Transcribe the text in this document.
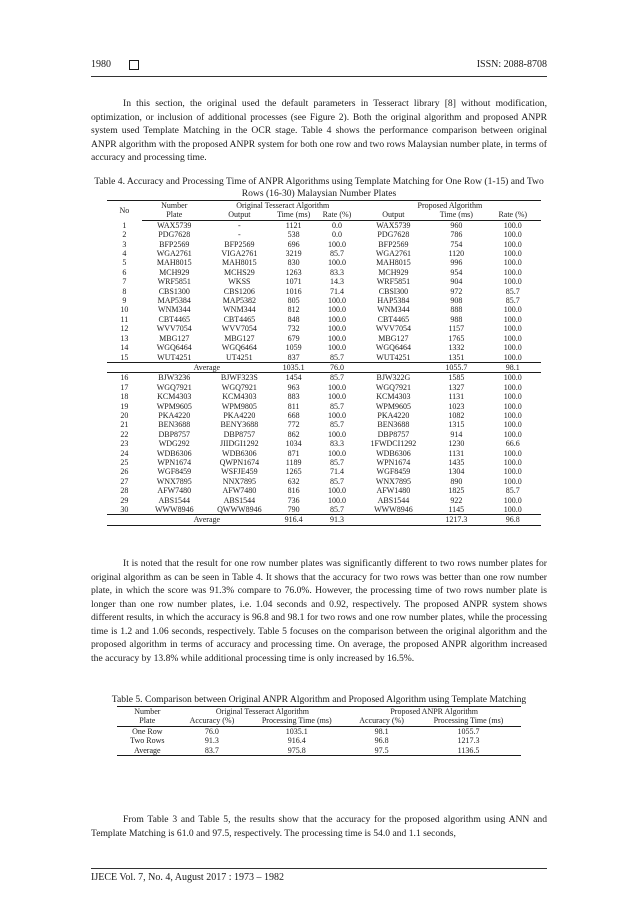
1980	ISSN: 2088-8708

In this section, the original used the default parameters in Tesseract library [8] without modification, optimization, or inclusion of additional processes (see Figure 2). Both the original algorithm and proposed ANPR system used Template Matching in the OCR stage. Table 4 shows the performance comparison between original ANPR algorithm with the proposed ANPR system for both one row and two rows Malaysian number plate, in terms of accuracy and processing time.

Table 4. Accuracy and Processing Time of ANPR Algorithms using Template Matching for One Row (1-15) and Two Rows (16-30) Malaysian Number Plates
No	Number	Original Tesseract Algorithm			Proposed Algorithm		
	Plate	Output	Time (ms)	Rate (%)	Output	Time (ms)	Rate (%)
1	WAX5739	-	1121	0.0	WAX5739	960	100.0
2	PDG7628	-	538	0.0	PDG7628	786	100.0
3	BFP2569	BFP2569	696	100.0	BFP2569	754	100.0
4	WGA2761	VIGA2761	3219	85.7	WGA2761	1120	100.0
5	MAH8015	MAH8015	830	100.0	MAH8015	996	100.0
6	MCH929	MCHS29	1263	83.3	MCH929	954	100.0
7	WRF5851	WKSS	1071	14.3	WRF5851	904	100.0
8	CBS1300	CBS1206	1016	71.4	CBSl300	972	85.7
9	MAP5384	MAP5382	805	100.0	HAP5384	908	85.7
10	WNM344	WNM344	812	100.0	WNM344	888	100.0
11	CBT4465	CBT4465	848	100.0	CBT4465	988	100.0
12	WVV7054	WVV7054	732	100.0	WVV7054	1157	100.0
13	MBG127	MBG127	679	100.0	MBG127	1765	100.0
14	WGQ6464	WGQ6464	1059	100.0	WGQ6464	1332	100.0
15	WUT4251	UT4251	837	85.7	WUT4251	1351	100.0
	Average		1035.1	76.0		1055.7	98.1
16	BJW3236	BJWF323S	1454	85.7	BJW322G	1585	100.0
17	WGQ7921	WGQ7921	963	100.0	WGQ7921	1327	100.0
18	KCM4303	KCM4303	883	100.0	KCM4303	1131	100.0
19	WPM9605	WPM9805	811	85.7	WPM9605	1023	100.0
20	PKA4220	PKA4220	668	100.0	PKA4220	1082	100.0
21	BEN3688	BENY3688	772	85.7	BEN3688	1315	100.0
22	DBP8757	DBP8757	862	100.0	DBP8757	914	100.0
23	WDG292	JIIDGI1292	1034	83.3	1FWDCI1292	1230	66.6
24	WDB6306	WDB6306	871	100.0	WDB6306	1131	100.0
25	WPN1674	QWPN1674	1189	85.7	WPN1674	1435	100.0
26	WGF8459	WSFJE459	1265	71.4	WGF8459	1304	100.0
27	WNX7895	NNX7895	632	85.7	WNX7895	890	100.0
28	AFW7480	AFW7480	816	100.0	AFW1480	1825	85.7
29	ABS1544	ABS1544	736	100.0	ABS1544	922	100.0
30	WWW8946	QWWW8946	790	85.7	WWW8946	1145	100.0
	Average		916.4	91.3		1217.3	96.8

It is noted that the result for one row number plates was significantly different to two rows number plates for original algorithm as can be seen in Table 4. It shows that the accuracy for two rows was better than one row number plate, in which the score was 91.3% compare to 76.0%. However, the processing time of two rows number plate is longer than one row number plates, i.e. 1.04 seconds and 0.92, respectively. The proposed ANPR system shows different results, in which the accuracy is 96.8 and 98.1 for two rows and one row number plates, while the processing time is 1.2 and 1.06 seconds, respectively. Table 5 focuses on the comparison between the original algorithm and the proposed algorithm in terms of accuracy and processing time. On average, the proposed ANPR algorithm increased the accuracy by 13.8% while additional processing time is only increased by 16.5%.

Table 5. Comparison between Original ANPR Algorithm and Proposed Algorithm using Template Matching
Number	Original Tesseract Algorithm		Proposed ANPR Algorithm	
Plate	Accuracy (%)	Processing Time (ms)	Accuracy (%)	Processing Time (ms)
One Row	76.0	1035.1	98.1	1055.7
Two Rows	91.3	916.4	96.8	1217.3
Average	83.7	975.8	97.5	1136.5

From Table 3 and Table 5, the results show that the accuracy for the proposed algorithm using ANN and Template Matching is 61.0 and 97.5, respectively. The processing time is 54.0 and 1.1 seconds,

IJECE Vol. 7, No. 4, August 2017 : 1973 – 1982
